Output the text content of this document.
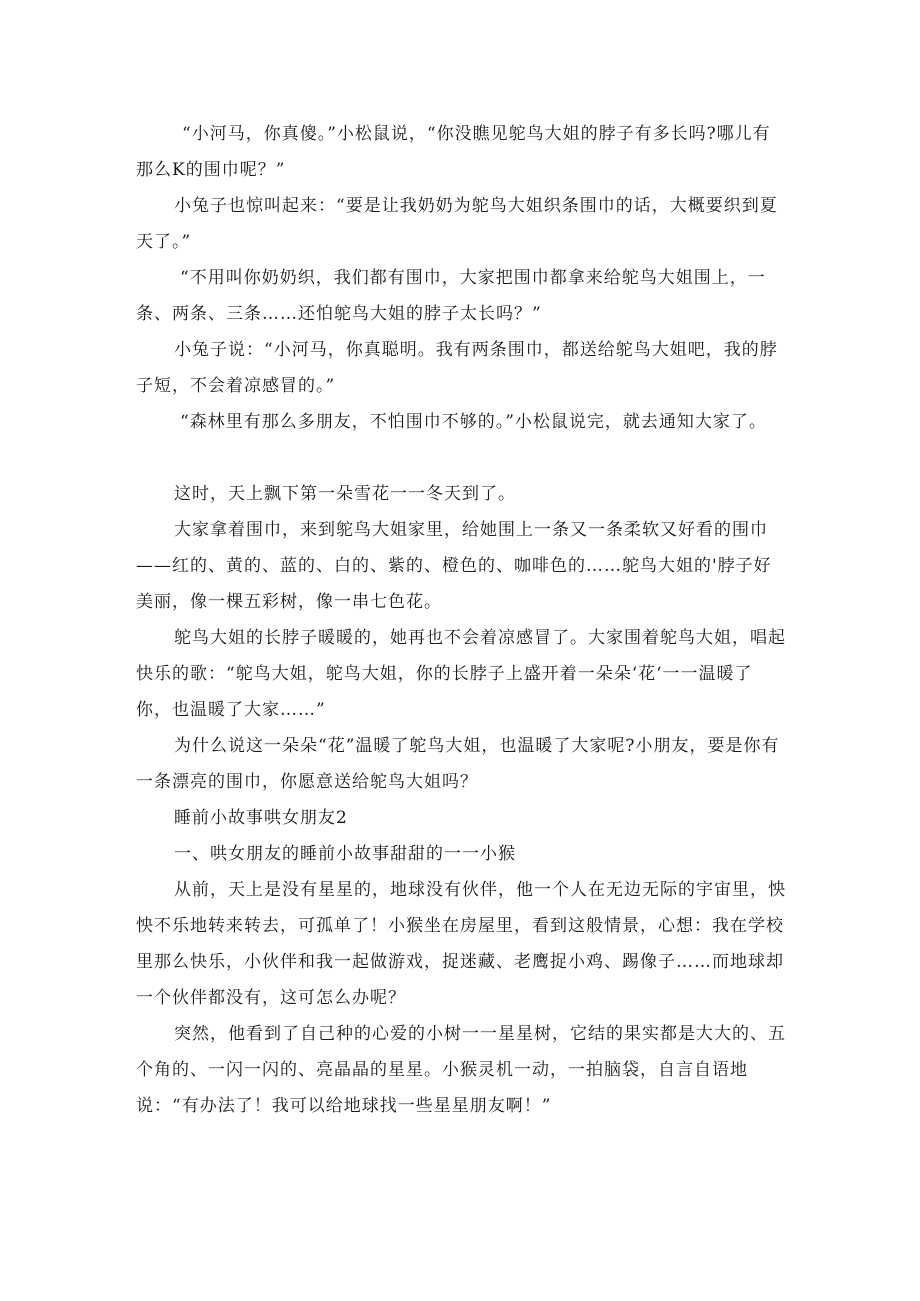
“小河马，你真傻。”小松鼠说，“你没瞧见鸵鸟大姐的脖子有多长吗?哪儿有那么K的围巾呢？”

小兔子也惊叫起来：“要是让我奶奶为鸵鸟大姐织条围巾的话，大概要织到夏天了。”

“不用叫你奶奶织，我们都有围巾，大家把围巾都拿来给鸵鸟大姐围上，一条、两条、三条……还怕鸵鸟大姐的脖子太长吗？”

小兔子说：“小河马，你真聪明。我有两条围巾，都送给鸵鸟大姐吧，我的脖子短，不会着凉感冒的。”

“森林里有那么多朋友，不怕围巾不够的。”小松鼠说完，就去通知大家了。

这时，天上飘下第一朵雪花一一冬天到了。

大家拿着围巾，来到鸵鸟大姐家里，给她围上一条又一条柔软又好看的围巾——红的、黄的、蓝的、白的、紫的、橙色的、咖啡色的……鸵鸟大姐的'脖子好美丽，像一棵五彩树，像一串七色花。

鸵鸟大姐的长脖子暖暖的，她再也不会着凉感冒了。大家围着鸵鸟大姐，唱起快乐的歌：“鸵鸟大姐，鸵鸟大姐，你的长脖子上盛开着一朵朵‘花‘一一温暖了你，也温暖了大家……”

为什么说这一朵朵“花”温暖了鸵鸟大姐，也温暖了大家呢?小朋友，要是你有一条漂亮的围巾，你愿意送给鸵鸟大姐吗？

睡前小故事哄女朋友2

一、哄女朋友的睡前小故事甜甜的一一小猴

从前，天上是没有星星的，地球没有伙伴，他一个人在无边无际的宇宙里，怏怏不乐地转来转去，可孤单了！小猴坐在房屋里，看到这般情景，心想：我在学校里那么快乐，小伙伴和我一起做游戏，捉迷藏、老鹰捉小鸡、踢像子……而地球却一个伙伴都没有，这可怎么办呢？

突然，他看到了自己种的心爱的小树一一星星树，它结的果实都是大大的、五个角的、一闪一闪的、亮晶晶的星星。小猴灵机一动，一拍脑袋，自言自语地说：“有办法了！我可以给地球找一些星星朋友啊！”
